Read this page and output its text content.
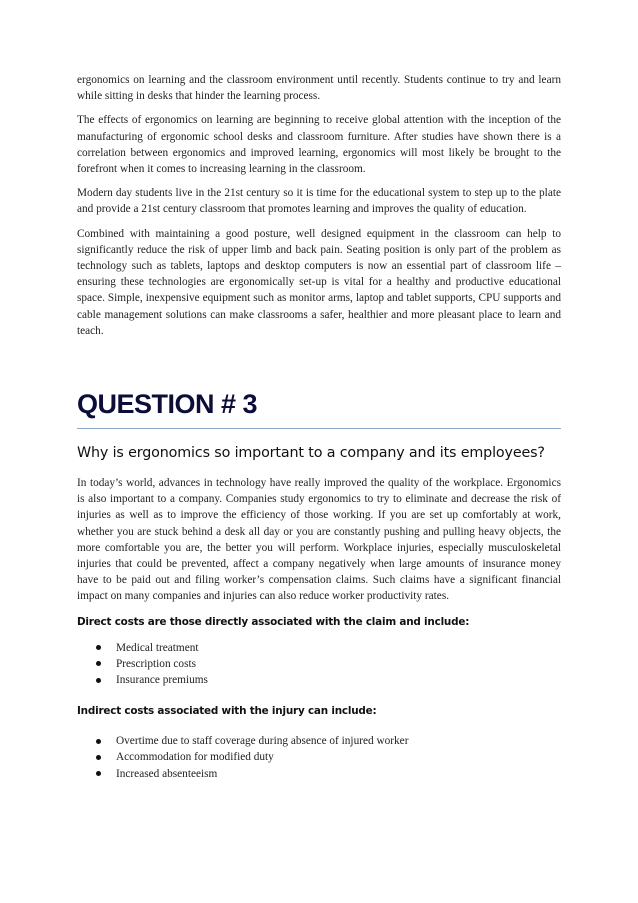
ergonomics on learning and the classroom environment until recently. Students continue to try and learn while sitting in desks that hinder the learning process.

The effects of ergonomics on learning are beginning to receive global attention with the inception of the manufacturing of ergonomic school desks and classroom furniture. After studies have shown there is a correlation between ergonomics and improved learning, ergonomics will most likely be brought to the forefront when it comes to increasing learning in the classroom.

Modern day students live in the 21st century so it is time for the educational system to step up to the plate and provide a 21st century classroom that promotes learning and improves the quality of education.

Combined with maintaining a good posture, well designed equipment in the classroom can help to significantly reduce the risk of upper limb and back pain. Seating position is only part of the problem as technology such as tablets, laptops and desktop computers is now an essential part of classroom life – ensuring these technologies are ergonomically set-up is vital for a healthy and productive educational space. Simple, inexpensive equipment such as monitor arms, laptop and tablet supports, CPU supports and cable management solutions can make classrooms a safer, healthier and more pleasant place to learn and teach.

QUESTION # 3
Why is ergonomics so important to a company and its employees?

In today’s world, advances in technology have really improved the quality of the workplace. Ergonomics is also important to a company. Companies study ergonomics to try to eliminate and decrease the risk of injuries as well as to improve the efficiency of those working. If you are set up comfortably at work, whether you are stuck behind a desk all day or you are constantly pushing and pulling heavy objects, the more comfortable you are, the better you will perform. Workplace injuries, especially musculoskeletal injuries that could be prevented, affect a company negatively when large amounts of insurance money have to be paid out and filing worker’s compensation claims. Such claims have a significant financial impact on many companies and injuries can also reduce worker productivity rates.

Direct costs are those directly associated with the claim and include:
Medical treatment
Prescription costs
Insurance premiums
Indirect costs associated with the injury can include:
Overtime due to staff coverage during absence of injured worker
Accommodation for modified duty
Increased absenteeism
